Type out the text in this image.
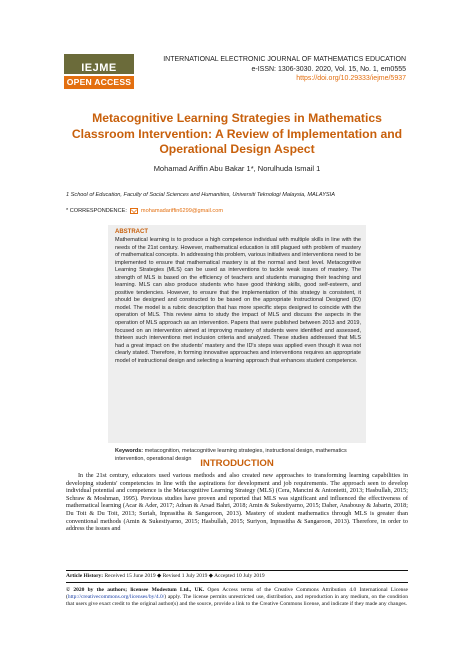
IEJME
OPEN ACCESS
INTERNATIONAL ELECTRONIC JOURNAL OF MATHEMATICS EDUCATION
e-ISSN: 1306-3030. 2020, Vol. 15, No. 1, em0555
https://doi.org/10.29333/iejme/5937
Metacognitive Learning Strategies in Mathematics Classroom Intervention: A Review of Implementation and Operational Design Aspect
Mohamad Ariffin Abu Bakar 1*, Norulhuda Ismail 1
1 School of Education, Faculty of Social Sciences and Humanities, Universiti Teknologi Malaysia, MALAYSIA
* CORRESPONDENCE:	mohamadariffin6299@gmail.com
ABSTRACT
Mathematical learning is to produce a high competence individual with multiple skills in line with the needs of the 21st century. However, mathematical education is still plagued with problem of mastery of mathematical concepts. In addressing this problem, various initiatives and interventions need to be implemented to ensure that mathematical mastery is at the normal and best level. Metacognitive Learning Strategies (MLS) can be used as interventions to tackle weak issues of mastery. The strength of MLS is based on the efficiency of teachers and students managing their teaching and learning. MLS can also produce students who have good thinking skills, good self-esteem, and positive tendencies. However, to ensure that the implementation of this strategy is consistent, it should be designed and constructed to be based on the appropriate Instructional Designed (ID) model. The model is a rubric description that has more specific steps designed to coincide with the operation of MLS. This review aims to study the impact of MLS and discuss the aspects in the operation of MLS approach as an intervention. Papers that were published between 2013 and 2019, focused on an intervention aimed at improving mastery of students were identified and assessed, thirteen such interventions met inclusion criteria and analyzed. These studies addressed that MLS had a great impact on the students' mastery and the ID's steps was applied even though it was not clearly stated. Therefore, in forming innovative approaches and interventions requires an appropriate model of instructional design and selecting a learning approach that enhances student competence.
Keywords: metacognition, metacognitive learning strategies, instructional design, mathematics intervention, operational design INTRODUCTION
In the 21st century, educators used various methods and also created new approaches to transforming learning capabilities in developing students' competencies in line with the aspirations for development and job requirements. The approach seen to develop individual potential and competence is the Metacognitive Learning Strategy (MLS) (Cera, Mancini & Antonietti, 2013; Hasbullah, 2015; Schraw & Moshman, 1995). Previous studies have proven and reported that MLS was significant and influenced the effectiveness of mathematical learning (Acar & Ader, 2017; Adnan & Arsad Bahri, 2018; Amin & Sukestiyarno, 2015; Daher, Anabousy & Jabarin, 2018; Du Toit & Du Toit, 2013; Suriah, Inprasitha & Sangaroon, 2013). Mastery of student mathematics through MLS is greater than conventional methods (Amin & Sukestiyarno, 2015; Hasbullah, 2015; Suriyon, Inprasitha & Sangaroon, 2013). Therefore, in order to address the issues and
Article History: Received 15 June 2019 ◆ Revised 1 July 2019 ◆ Accepted 10 July 2019
© 2020 by the authors; licensee Modestum Ltd., UK. Open Access terms of the Creative Commons Attribution 4.0 International License (http://creativecommons.org/licenses/by/4.0/) apply. The license permits unrestricted use, distribution, and reproduction in any medium, on the condition that users give exact credit to the original author(s) and the source, provide a link to the Creative Commons license, and indicate if they made any changes.
